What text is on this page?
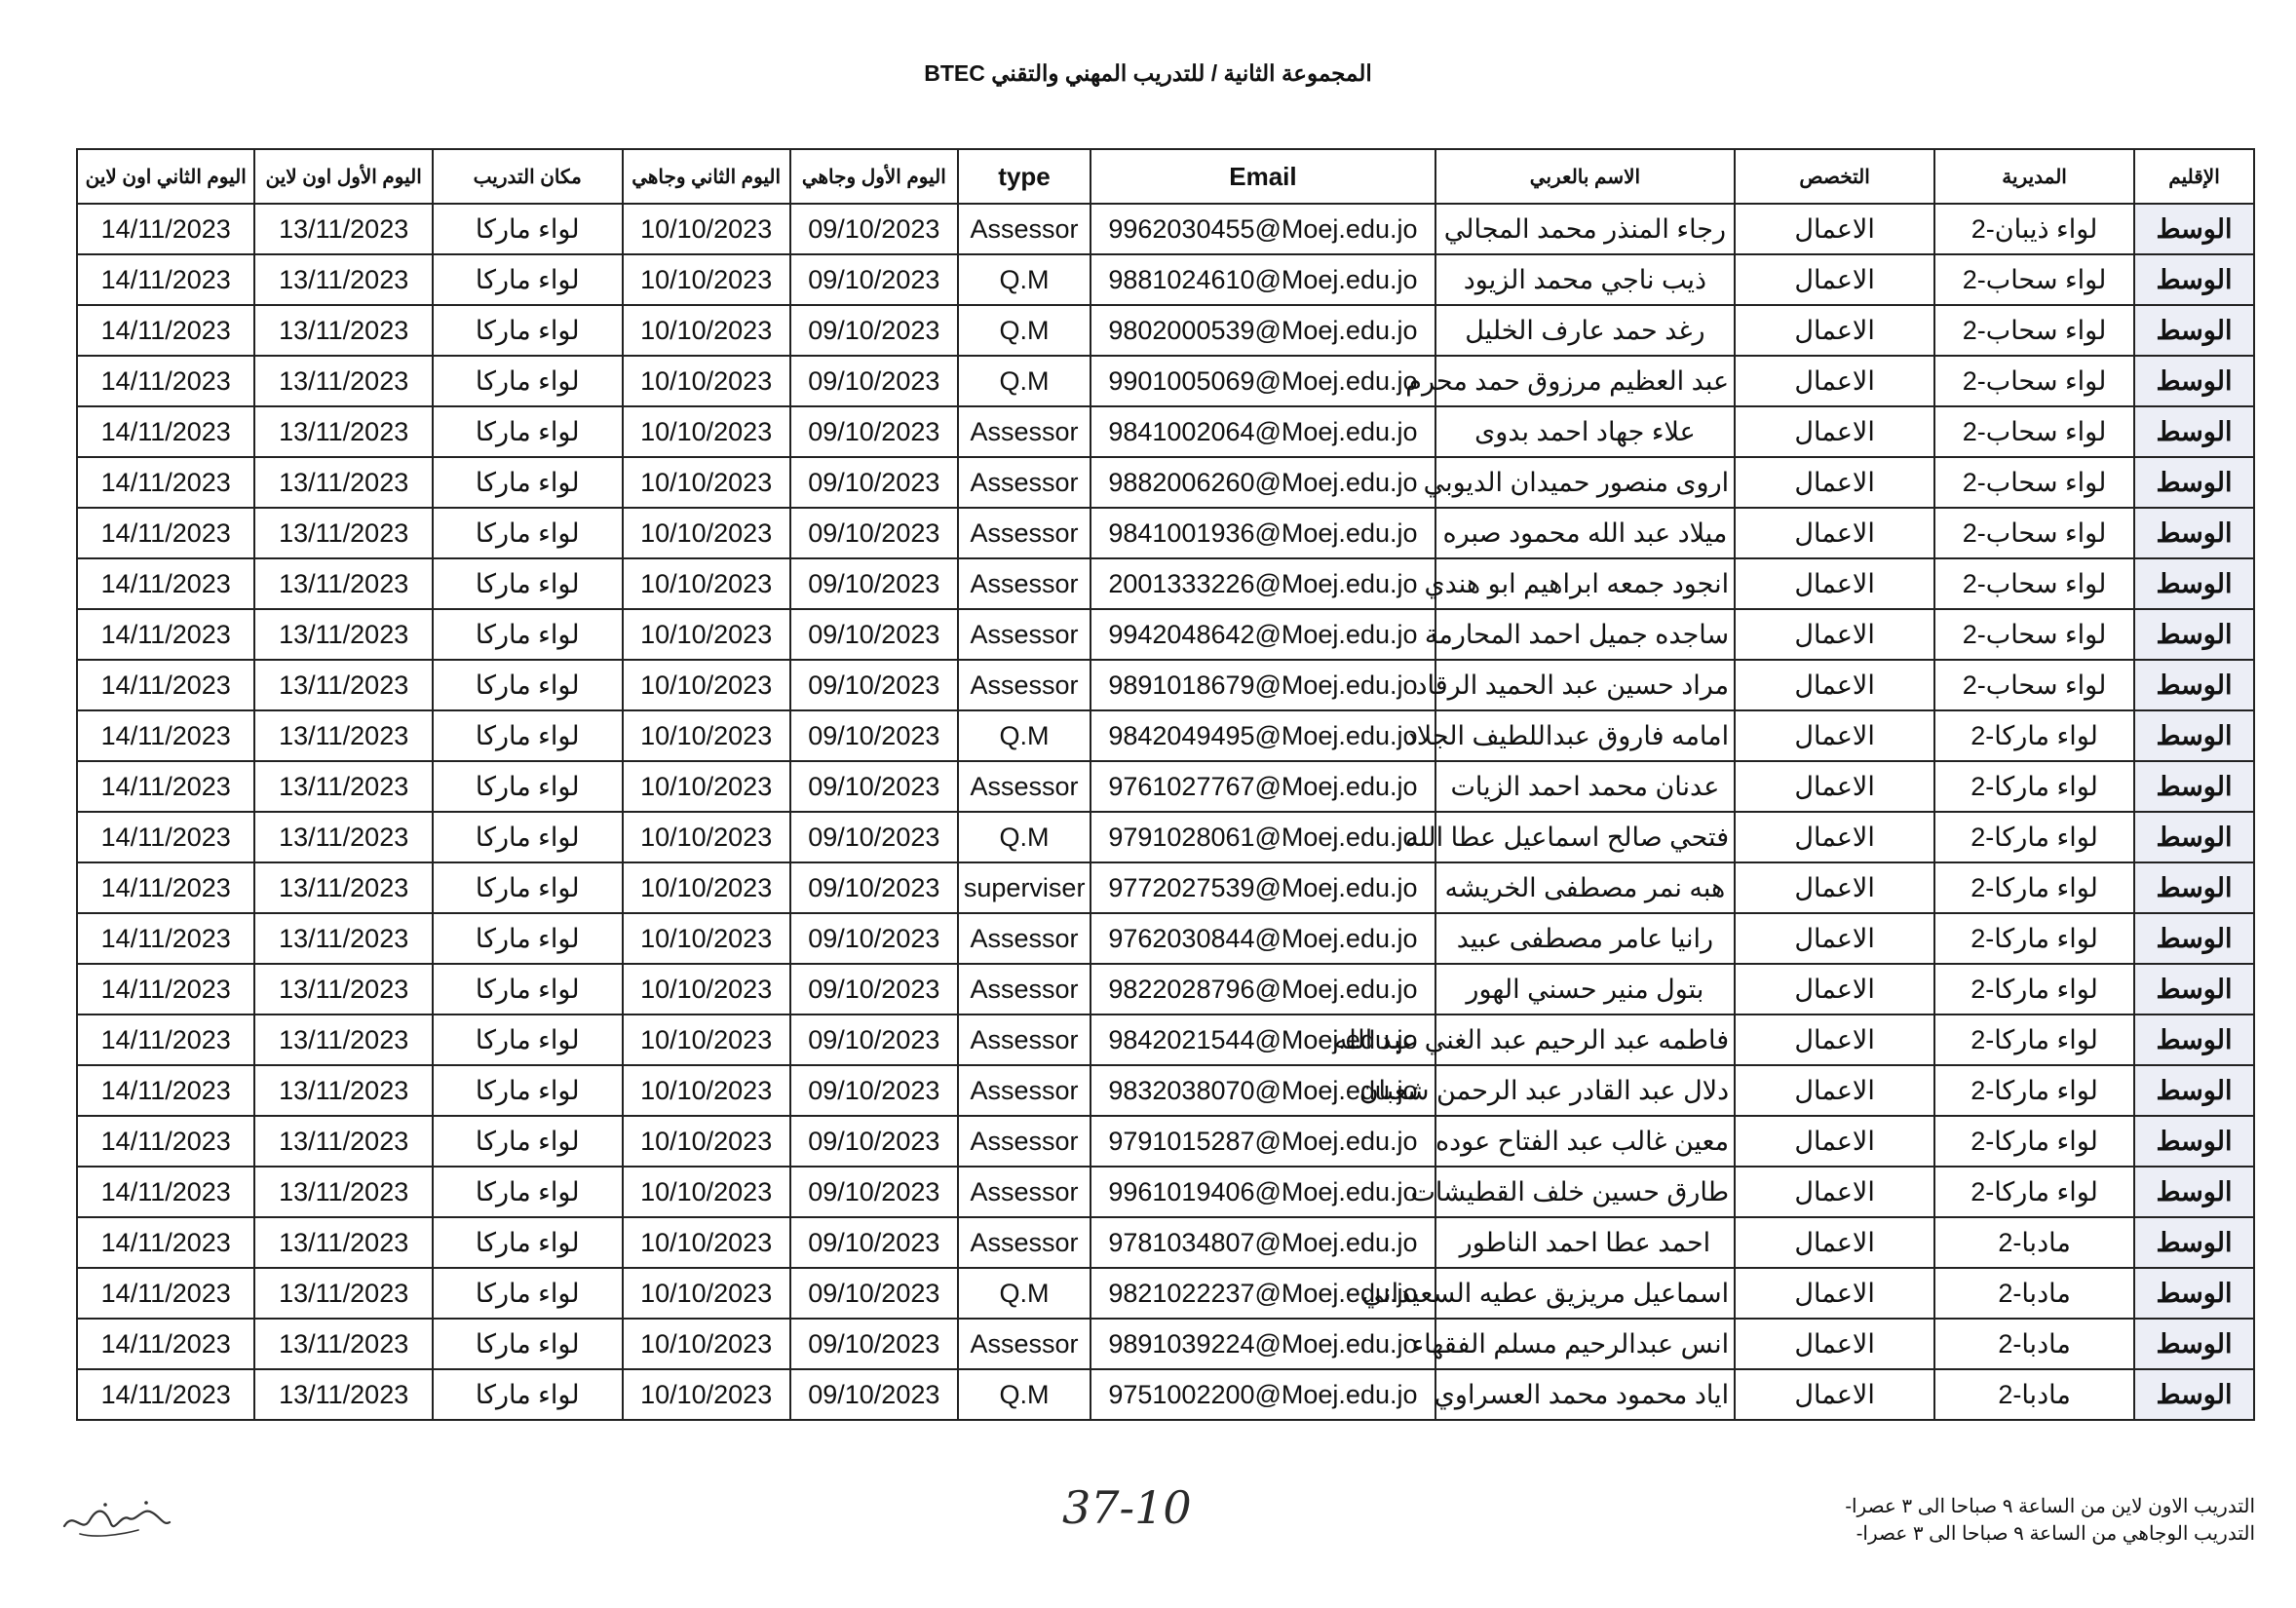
المجموعة الثانية / للتدريب المهني والتقني BTEC
الإقليم	المديرية	التخصص	الاسم بالعربي	Email	type	اليوم الأول وجاهي	اليوم الثاني وجاهي	مكان التدريب	اليوم الأول اون لاين	اليوم الثاني اون لاين
الوسط	لواء ذيبان-2	الاعمال	رجاء المنذر محمد المجالي	9962030455@Moej.edu.jo	Assessor	09/10/2023	10/10/2023	لواء ماركا	13/11/2023	14/11/2023
الوسط	لواء سحاب-2	الاعمال	ذيب ناجي محمد الزيود	9881024610@Moej.edu.jo	Q.M	09/10/2023	10/10/2023	لواء ماركا	13/11/2023	14/11/2023
الوسط	لواء سحاب-2	الاعمال	رغد حمد عارف الخليل	9802000539@Moej.edu.jo	Q.M	09/10/2023	10/10/2023	لواء ماركا	13/11/2023	14/11/2023
الوسط	لواء سحاب-2	الاعمال	عبد العظيم مرزوق حمد محرم	9901005069@Moej.edu.jo	Q.M	09/10/2023	10/10/2023	لواء ماركا	13/11/2023	14/11/2023
الوسط	لواء سحاب-2	الاعمال	علاء جهاد احمد بدوى	9841002064@Moej.edu.jo	Assessor	09/10/2023	10/10/2023	لواء ماركا	13/11/2023	14/11/2023
الوسط	لواء سحاب-2	الاعمال	اروى منصور حميدان الديوبي	9882006260@Moej.edu.jo	Assessor	09/10/2023	10/10/2023	لواء ماركا	13/11/2023	14/11/2023
الوسط	لواء سحاب-2	الاعمال	ميلاد عبد الله محمود صبره	9841001936@Moej.edu.jo	Assessor	09/10/2023	10/10/2023	لواء ماركا	13/11/2023	14/11/2023
الوسط	لواء سحاب-2	الاعمال	انجود جمعه ابراهيم ابو هندي	2001333226@Moej.edu.jo	Assessor	09/10/2023	10/10/2023	لواء ماركا	13/11/2023	14/11/2023
الوسط	لواء سحاب-2	الاعمال	ساجده جميل احمد المحارمة	9942048642@Moej.edu.jo	Assessor	09/10/2023	10/10/2023	لواء ماركا	13/11/2023	14/11/2023
الوسط	لواء سحاب-2	الاعمال	مراد حسين عبد الحميد الرقاد	9891018679@Moej.edu.jo	Assessor	09/10/2023	10/10/2023	لواء ماركا	13/11/2023	14/11/2023
الوسط	لواء ماركا-2	الاعمال	امامه فاروق عبداللطيف الجلاد	9842049495@Moej.edu.jo	Q.M	09/10/2023	10/10/2023	لواء ماركا	13/11/2023	14/11/2023
الوسط	لواء ماركا-2	الاعمال	عدنان محمد احمد الزيات	9761027767@Moej.edu.jo	Assessor	09/10/2023	10/10/2023	لواء ماركا	13/11/2023	14/11/2023
الوسط	لواء ماركا-2	الاعمال	فتحي صالح اسماعيل عطا الله	9791028061@Moej.edu.jo	Q.M	09/10/2023	10/10/2023	لواء ماركا	13/11/2023	14/11/2023
الوسط	لواء ماركا-2	الاعمال	هبه نمر مصطفى الخريشه	9772027539@Moej.edu.jo	superviser	09/10/2023	10/10/2023	لواء ماركا	13/11/2023	14/11/2023
الوسط	لواء ماركا-2	الاعمال	رانيا عامر مصطفى عبيد	9762030844@Moej.edu.jo	Assessor	09/10/2023	10/10/2023	لواء ماركا	13/11/2023	14/11/2023
الوسط	لواء ماركا-2	الاعمال	بتول منير حسني الهور	9822028796@Moej.edu.jo	Assessor	09/10/2023	10/10/2023	لواء ماركا	13/11/2023	14/11/2023
الوسط	لواء ماركا-2	الاعمال	فاطمه عبد الرحيم عبد الغني عبد الله	9842021544@Moej.edu.jo	Assessor	09/10/2023	10/10/2023	لواء ماركا	13/11/2023	14/11/2023
الوسط	لواء ماركا-2	الاعمال	دلال عبد القادر عبد الرحمن شعبان	9832038070@Moej.edu.jo	Assessor	09/10/2023	10/10/2023	لواء ماركا	13/11/2023	14/11/2023
الوسط	لواء ماركا-2	الاعمال	معين غالب عبد الفتاح عوده	9791015287@Moej.edu.jo	Assessor	09/10/2023	10/10/2023	لواء ماركا	13/11/2023	14/11/2023
الوسط	لواء ماركا-2	الاعمال	طارق حسين خلف القطيشات	9961019406@Moej.edu.jo	Assessor	09/10/2023	10/10/2023	لواء ماركا	13/11/2023	14/11/2023
الوسط	مادبا-2	الاعمال	احمد عطا احمد الناطور	9781034807@Moej.edu.jo	Assessor	09/10/2023	10/10/2023	لواء ماركا	13/11/2023	14/11/2023
الوسط	مادبا-2	الاعمال	اسماعيل مريزيق عطيه السعيداني	9821022237@Moej.edu.jo	Q.M	09/10/2023	10/10/2023	لواء ماركا	13/11/2023	14/11/2023
الوسط	مادبا-2	الاعمال	انس عبدالرحيم مسلم الفقهاء	9891039224@Moej.edu.jo	Assessor	09/10/2023	10/10/2023	لواء ماركا	13/11/2023	14/11/2023
الوسط	مادبا-2	الاعمال	اياد محمود محمد العسراوي	9751002200@Moej.edu.jo	Q.M	09/10/2023	10/10/2023	لواء ماركا	13/11/2023	14/11/2023
37-10	التدريب الاون لاين من الساعة ٩ صباحا الى ٣ عصرا-
التدريب الوجاهي من الساعة ٩ صباحا الى ٣ عصرا-
